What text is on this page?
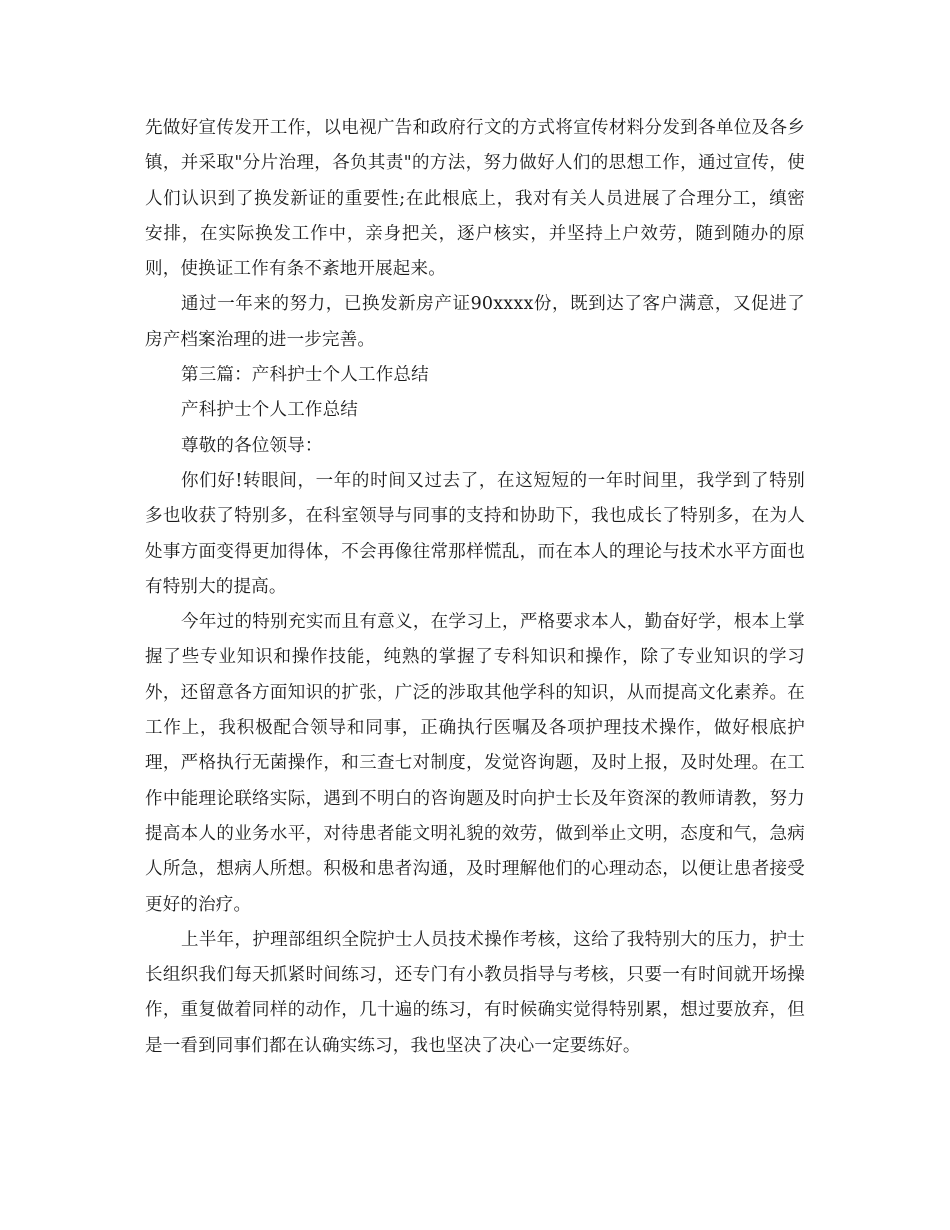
先做好宣传发开工作，以电视广告和政府行文的方式将宣传材料分发到各单位及各乡镇，并采取"分片治理，各负其责"的方法，努力做好人们的思想工作，通过宣传，使人们认识到了换发新证的重要性;在此根底上，我对有关人员进展了合理分工，缜密安排，在实际换发工作中，亲身把关，逐户核实，并坚持上户效劳，随到随办的原则，使换证工作有条不紊地开展起来。

通过一年来的努力，已换发新房产证90xxxx份，既到达了客户满意，又促进了房产档案治理的进一步完善。

第三篇：产科护士个人工作总结

产科护士个人工作总结

尊敬的各位领导：

你们好!转眼间，一年的时间又过去了，在这短短的一年时间里，我学到了特别多也收获了特别多，在科室领导与同事的支持和协助下，我也成长了特别多，在为人处事方面变得更加得体，不会再像往常那样慌乱，而在本人的理论与技术水平方面也有特别大的提高。

今年过的特别充实而且有意义，在学习上，严格要求本人，勤奋好学，根本上掌握了些专业知识和操作技能，纯熟的掌握了专科知识和操作，除了专业知识的学习外，还留意各方面知识的扩张，广泛的涉取其他学科的知识，从而提高文化素养。在工作上，我积极配合领导和同事，正确执行医嘱及各项护理技术操作，做好根底护理，严格执行无菌操作，和三查七对制度，发觉咨询题，及时上报，及时处理。在工作中能理论联络实际，遇到不明白的咨询题及时向护士长及年资深的教师请教，努力提高本人的业务水平，对待患者能文明礼貌的效劳，做到举止文明，态度和气，急病人所急，想病人所想。积极和患者沟通，及时理解他们的心理动态，以便让患者接受更好的治疗。

上半年，护理部组织全院护士人员技术操作考核，这给了我特别大的压力，护士长组织我们每天抓紧时间练习，还专门有小教员指导与考核，只要一有时间就开场操作，重复做着同样的动作，几十遍的练习，有时候确实觉得特别累，想过要放弃，但是一看到同事们都在认确实练习，我也坚决了决心一定要练好。
